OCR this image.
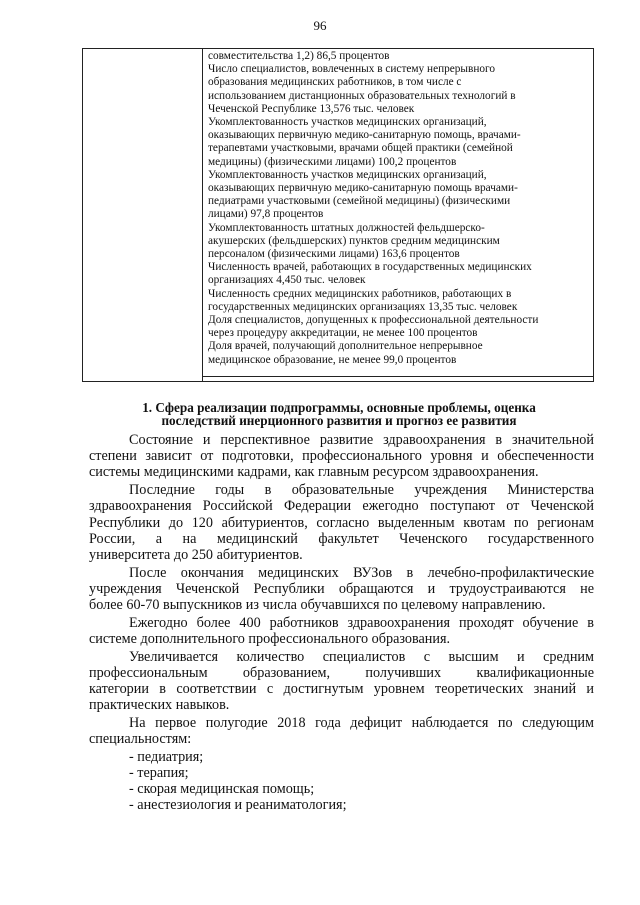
96
совместительства 1,2) 86,5 процентов
Число специалистов, вовлеченных в систему непрерывного
образования медицинских работников, в том числе с
использованием дистанционных образовательных технологий в
Чеченской Республике 13,576 тыс. человек
Укомплектованность участков медицинских организаций,
оказывающих первичную медико-санитарную помощь, врачами-
терапевтами участковыми, врачами общей практики (семейной
медицины) (физическими лицами) 100,2 процентов
Укомплектованность участков медицинских организаций,
оказывающих первичную медико-санитарную помощь врачами-
педиатрами участковыми (семейной медицины) (физическими
лицами) 97,8 процентов
Укомплектованность штатных должностей фельдшерско-
акушерских (фельдшерских) пунктов средним медицинским
персоналом (физическими лицами) 163,6 процентов
Численность врачей, работающих в государственных медицинских
организациях 4,450 тыс. человек
Численность средних медицинских работников, работающих в
государственных медицинских организациях 13,35 тыс. человек
Доля специалистов, допущенных к профессиональной деятельности
через процедуру аккредитации, не менее 100 процентов
Доля врачей, получающий дополнительное непрерывное
медицинское образование, не менее 99,0 процентов
1. Сфера реализации подпрограммы, основные проблемы, оценка
последствий инерционного развития и прогноз ее развития

Состояние и перспективное развитие здравоохранения в значительной
степени зависит от подготовки, профессионального уровня и обеспеченности
системы медицинскими кадрами, как главным ресурсом здравоохранения.

Последние годы в образовательные учреждения Министерства
здравоохранения Российской Федерации ежегодно поступают от Чеченской
Республики до 120 абитуриентов, согласно выделенным квотам по регионам
России, а на медицинский факультет Чеченского государственного
университета до 250 абитуриентов.

После окончания медицинских ВУЗов в лечебно-профилактические
учреждения Чеченской Республики обращаются и трудоустраиваются не
более 60-70 выпускников из числа обучавшихся по целевому направлению.

Ежегодно более 400 работников здравоохранения проходят обучение в
системе дополнительного профессионального образования.

Увеличивается количество специалистов с высшим и средним
профессиональным образованием, получивших квалификационные
категории в соответствии с достигнутым уровнем теоретических знаний и
практических навыков.

На первое полугодие 2018 года дефицит наблюдается по следующим
специальностям:

- педиатрия;
- терапия;
- скорая медицинская помощь;
- анестезиология и реаниматология;
